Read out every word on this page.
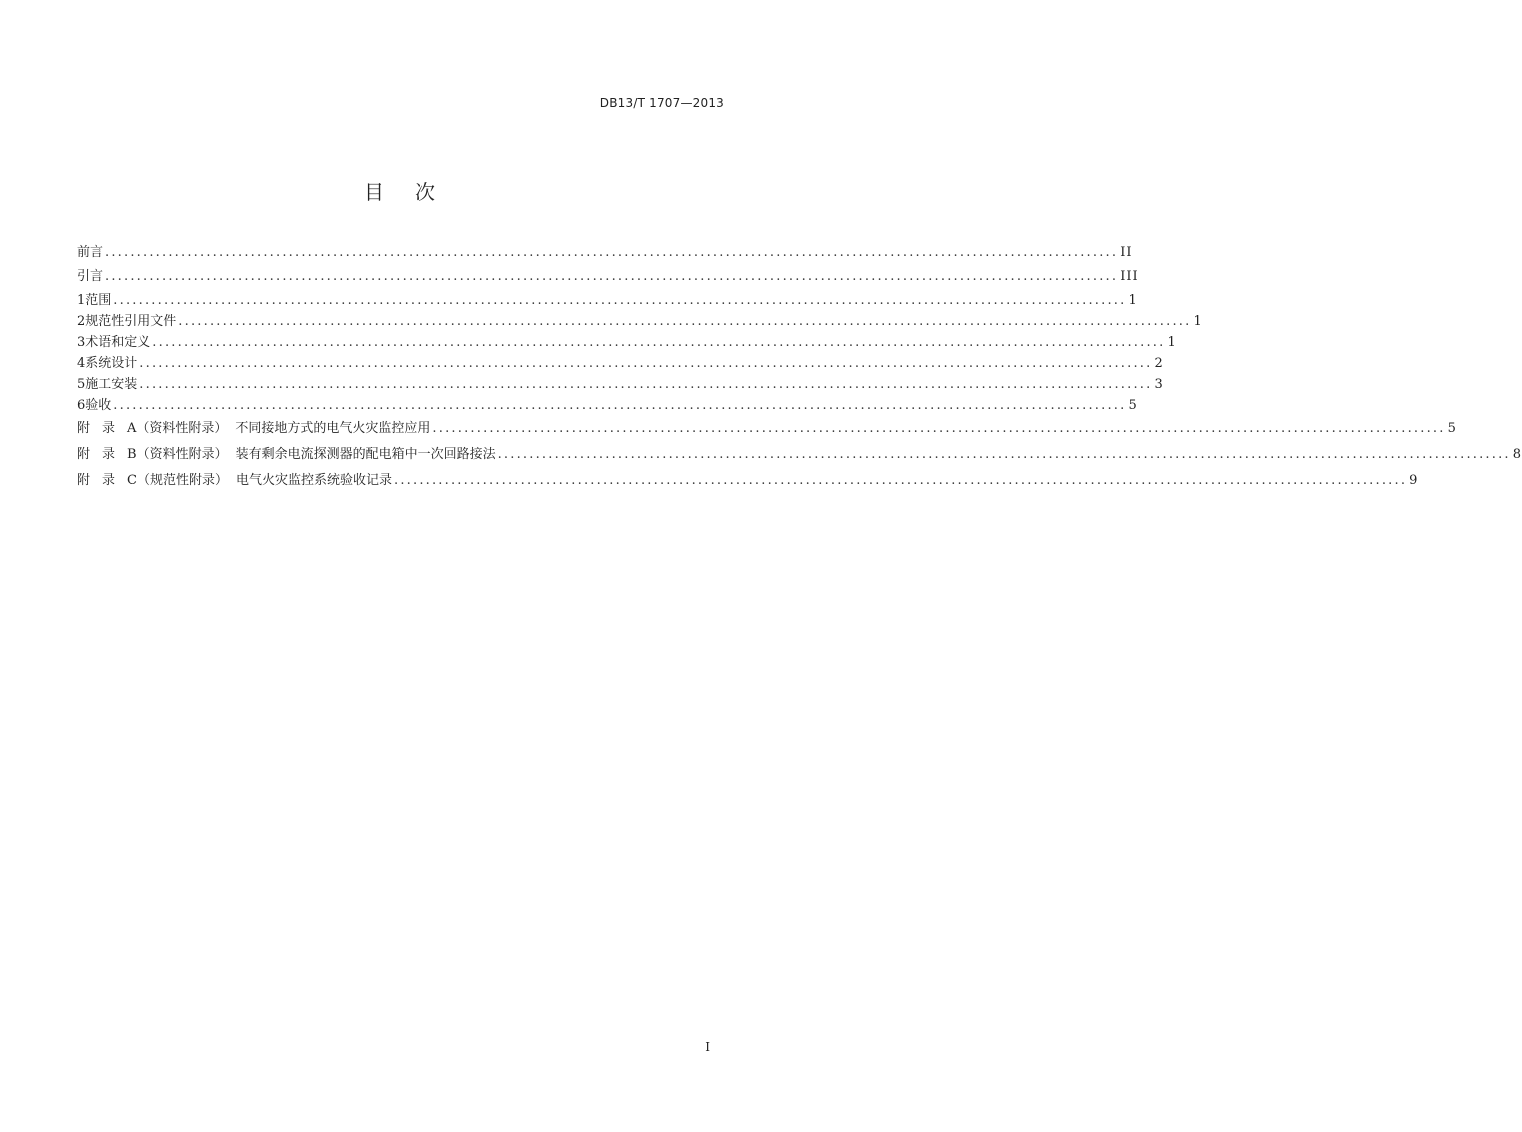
DB13/T 1707—2013
目 次
前言 ................................................................................................................................................................ II
引言 ................................................................................................................................................................ III
1 范围 ................................................................................................................................................................ 1
2 规范性引用文件 ................................................................................................................................................................ 1
3 术语和定义 ................................................................................................................................................................ 1
4 系统设计 ................................................................................................................................................................ 2
5 施工安装 ................................................................................................................................................................ 3
6 验收 ................................................................................................................................................................ 5
附 录 A （资料性附录） 不同接地方式的电气火灾监控应用 ................................................................................................................................................................ 5
附 录 B （资料性附录） 装有剩余电流探测器的配电箱中一次回路接法 ................................................................................................................................................................ 8
附 录 C （规范性附录） 电气火灾监控系统验收记录 ................................................................................................................................................................ 9
I
